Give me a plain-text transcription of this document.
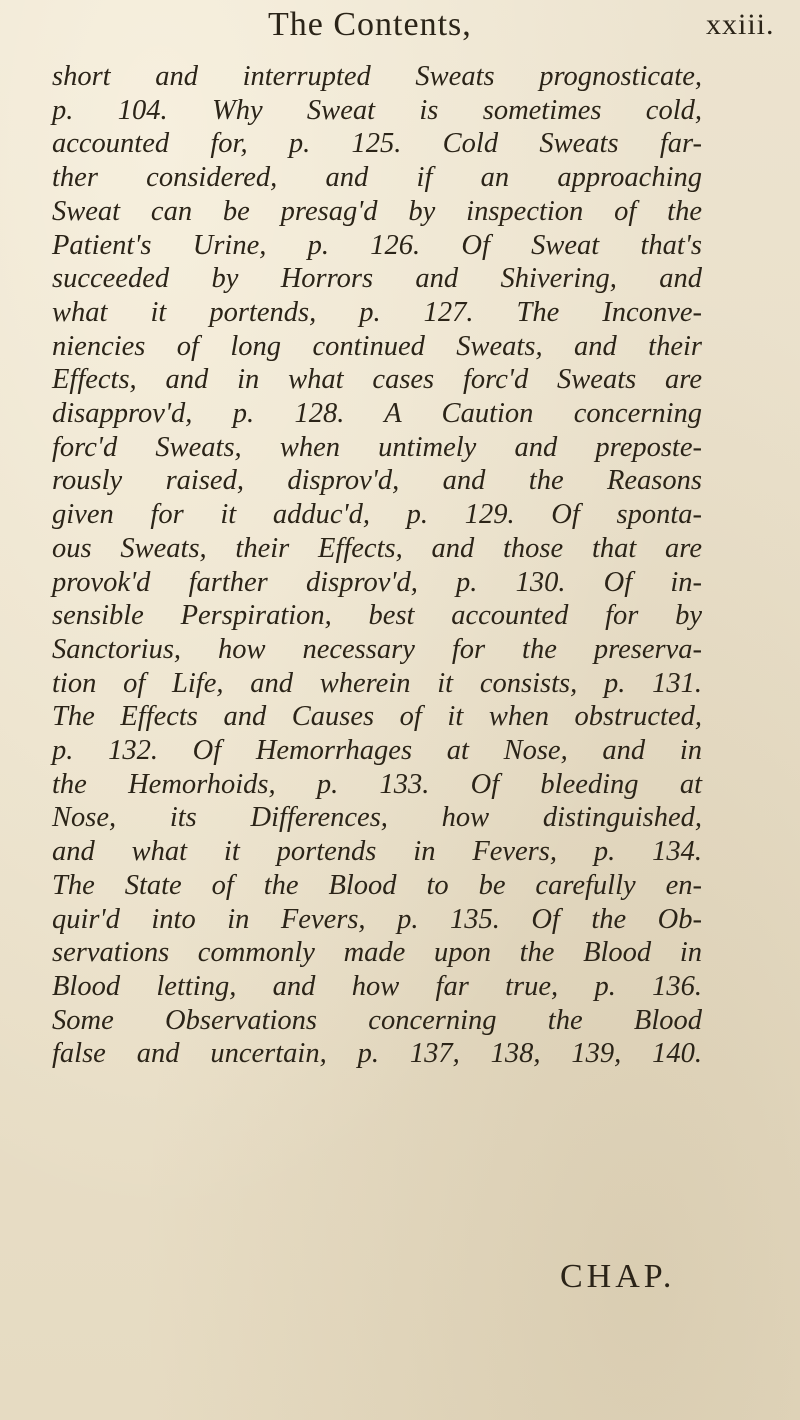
The Contents,	xxiii.
short and interrupted Sweats prognosticate,
p. 104. Why Sweat is sometimes cold,
accounted for, p. 125. Cold Sweats far-
ther considered, and if an approaching
Sweat can be presag'd by inspection of the
Patient's Urine, p. 126. Of Sweat that's
succeeded by Horrors and Shivering, and
what it portends, p. 127. The Inconve-
niencies of long continued Sweats, and their
Effects, and in what cases forc'd Sweats are
disapprov'd, p. 128. A Caution concerning
forc'd Sweats, when untimely and preposte-
rously raised, disprov'd, and the Reasons
given for it adduc'd, p. 129. Of sponta-
ous Sweats, their Effects, and those that are
provok'd farther disprov'd, p. 130. Of in-
sensible Perspiration, best accounted for by
Sanctorius, how necessary for the preserva-
tion of Life, and wherein it consists, p. 131.
The Effects and Causes of it when obstructed,
p. 132. Of Hemorrhages at Nose, and in
the Hemorhoids, p. 133. Of bleeding at
Nose, its Differences, how distinguished,
and what it portends in Fevers, p. 134.
The State of the Blood to be carefully en-
quir'd into in Fevers, p. 135. Of the Ob-
servations commonly made upon the Blood in
Blood letting, and how far true, p. 136.
Some Observations concerning the Blood
false and uncertain, p. 137, 138, 139, 140.
CHAP.
